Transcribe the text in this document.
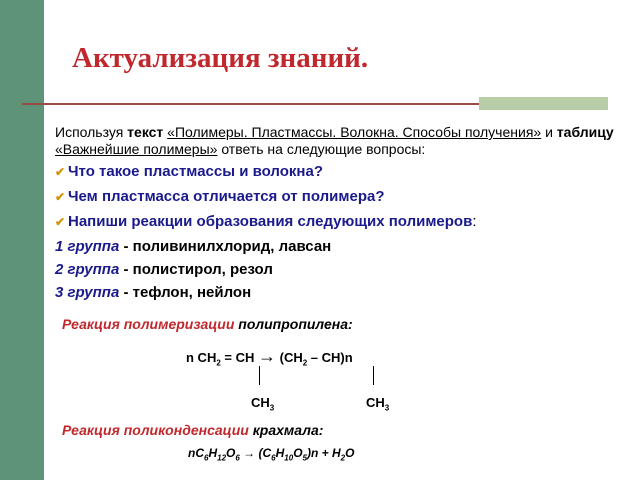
Актуализация знаний.

Используя текст «Полимеры. Пластмассы. Волокна. Способы получения» и таблицу «Важнейшие полимеры» ответь на следующие вопросы:

✔ Что такое пластмассы и волокна?
✔ Чем пластмасса отличается от полимера?
✔ Напиши реакции образования следующих полимеров:
1 группа - поливинилхлорид, лавсан
2 группа - полистирол, резол
3 группа - тефлон, нейлон
Реакция полимеризации полипропилена:
n $CH_2$ = CH → $(CH_2 - CH)n$
$CH_3$	$CH_3$
Реакция поликонденсации крахмала:
$nC_6H_{12}O_6 \to (C_6H_{10}O_5)n + H_2O$
